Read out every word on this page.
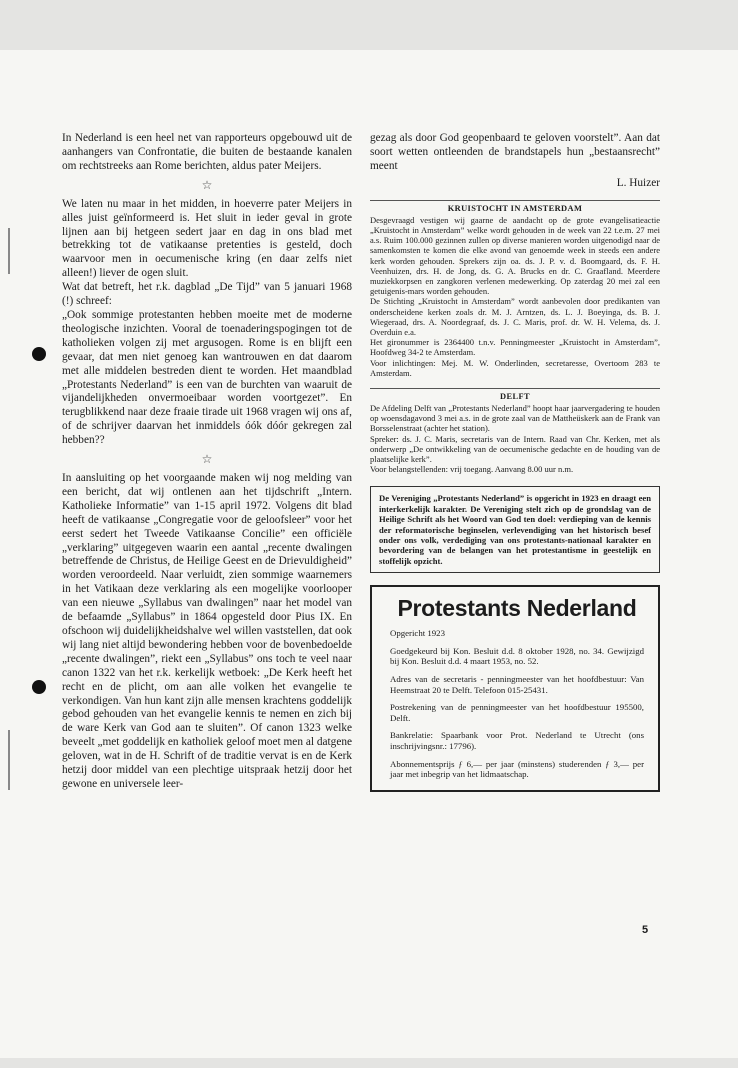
In Nederland is een heel net van rapporteurs opgebouwd uit de aanhangers van Confrontatie, die buiten de bestaande kanalen om rechtstreeks aan Rome berichten, aldus pater Meijers.

☆

We laten nu maar in het midden, in hoeverre pater Meijers in alles juist geïnformeerd is. Het sluit in ieder geval in grote lijnen aan bij hetgeen sedert jaar en dag in ons blad met betrekking tot de vatikaanse pretenties is gesteld, doch waarvoor men in oecumenische kring (en daar zelfs niet alleen!) liever de ogen sluit.

Wat dat betreft, het r.k. dagblad „De Tijd” van 5 januari 1968 (!) schreef:

„Ook sommige protestanten hebben moeite met de moderne theologische inzichten. Vooral de toenaderingspogingen tot de katholieken volgen zij met argusogen. Rome is en blijft een gevaar, dat men niet genoeg kan wantrouwen en dat daarom met alle middelen bestreden dient te worden. Het maandblad „Protestants Nederland” is een van de burchten van waaruit de vijandelijkheden onvermoeibaar worden voortgezet”. En terugblikkend naar deze fraaie tirade uit 1968 vragen wij ons af, of de schrijver daarvan het inmiddels óók dóór gekregen zal hebben??

☆

In aansluiting op het voorgaande maken wij nog melding van een bericht, dat wij ontlenen aan het tijdschrift „Intern. Katholieke Informatie” van 1-15 april 1972. Volgens dit blad heeft de vatikaanse „Congregatie voor de geloofsleer” voor het eerst sedert het Tweede Vatikaanse Concilie” een officiële „verklaring” uitgegeven waarin een aantal „recente dwalingen betreffende de Christus, de Heilige Geest en de Drievuldigheid” worden veroordeeld. Naar verluidt, zien sommige waarnemers in het Vatikaan deze verklaring als een mogelijke voorlooper van een nieuwe „Syllabus van dwalingen” naar het model van de befaamde „Syllabus” in 1864 opgesteld door Pius IX. En ofschoon wij duidelijkheidshalve wel willen vaststellen, dat ook wij lang niet altijd bewondering hebben voor de bovenbedoelde „recente dwalingen”, riekt een „Syllabus” ons toch te veel naar canon 1322 van het r.k. kerkelijk wetboek: „De Kerk heeft het recht en de plicht, om aan alle volken het evangelie te verkondigen. Van hun kant zijn alle mensen krachtens goddelijk gebod gehouden van het evangelie kennis te nemen en zich bij de ware Kerk van God aan te sluiten”. Of canon 1323 welke beveelt „met goddelijk en katholiek geloof moet men al datgene geloven, wat in de H. Schrift of de traditie vervat is en de Kerk hetzij door middel van een plechtige uitspraak hetzij door het gewone en universele leer-

gezag als door God geopenbaard te geloven voorstelt”. Aan dat soort wetten ontleenden de brandstapels hun „bestaansrecht” meent

L. Huizer
KRUISTOCHT IN AMSTERDAM

Desgevraagd vestigen wij gaarne de aandacht op de grote evangelisatieactie „Kruistocht in Amsterdam” welke wordt gehouden in de week van 22 t.e.m. 27 mei a.s. Ruim 100.000 gezinnen zullen op diverse manieren worden uitgenodigd naar de samenkomsten te komen die elke avond van genoemde week in steeds een andere kerk worden gehouden. Sprekers zijn oa. ds. J. P. v. d. Boomgaard, ds. F. H. Veenhuizen, drs. H. de Jong, ds. G. A. Brucks en dr. C. Graafland. Meerdere muziekkorpsen en zangkoren verlenen medewerking. Op zaterdag 20 mei zal een getuigenis-mars worden gehouden.

De Stichting „Kruistocht in Amsterdam” wordt aanbevolen door predikanten van onderscheidene kerken zoals dr. M. J. Arntzen, ds. L. J. Boeyinga, ds. B. J. Wiegeraad, drs. A. Noordegraaf, ds. J. C. Maris, prof. dr. W. H. Velema, ds. J. Overduin e.a.

Het gironummer is 2364400 t.n.v. Penningmeester „Kruistocht in Amsterdam”, Hoofdweg 34-2 te Amsterdam.

Voor inlichtingen: Mej. M. W. Onderlinden, secretaresse, Overtoom 283 te Amsterdam.

DELFT

De Afdeling Delft van „Protestants Nederland” hoopt haar jaarvergadering te houden op woensdagavond 3 mei a.s. in de grote zaal van de Mattheüskerk aan de Frank van Borsselenstraat (achter het station).

Spreker: ds. J. C. Maris, secretaris van de Intern. Raad van Chr. Kerken, met als onderwerp „De ontwikkeling van de oecumenische gedachte en de houding van de plaatselijke kerk”.

Voor belangstellenden: vrij toegang. Aanvang 8.00 uur n.m.

De Vereniging „Protestants Nederland” is opgericht in 1923 en draagt een interkerkelijk karakter. De Vereniging stelt zich op de grondslag van de Heilige Schrift als het Woord van God ten doel: verdieping van de kennis der reformatorische beginselen, verlevendiging van het historisch besef onder ons volk, verdediging van ons protestants-nationaal karakter en bevordering van de belangen van het protestantisme in geestelijk en stoffelijk opzicht.
Protestants Nederland

Opgericht 1923

Goedgekeurd bij Kon. Besluit d.d. 8 oktober 1928, no. 34. Gewijzigd bij Kon. Besluit d.d. 4 maart 1953, no. 52.

Adres van de secretaris - penningmeester van het hoofdbestuur: Van Heemstraat 20 te Delft. Telefoon 015-25431.

Postrekening van de penningmeester van het hoofdbestuur 195500, Delft.

Bankrelatie: Spaarbank voor Prot. Nederland te Utrecht (ons inschrijvingsnr.: 17796).

Abonnementsprijs ƒ 6,— per jaar (minstens) studerenden ƒ 3,— per jaar met inbegrip van het lidmaatschap.

5
